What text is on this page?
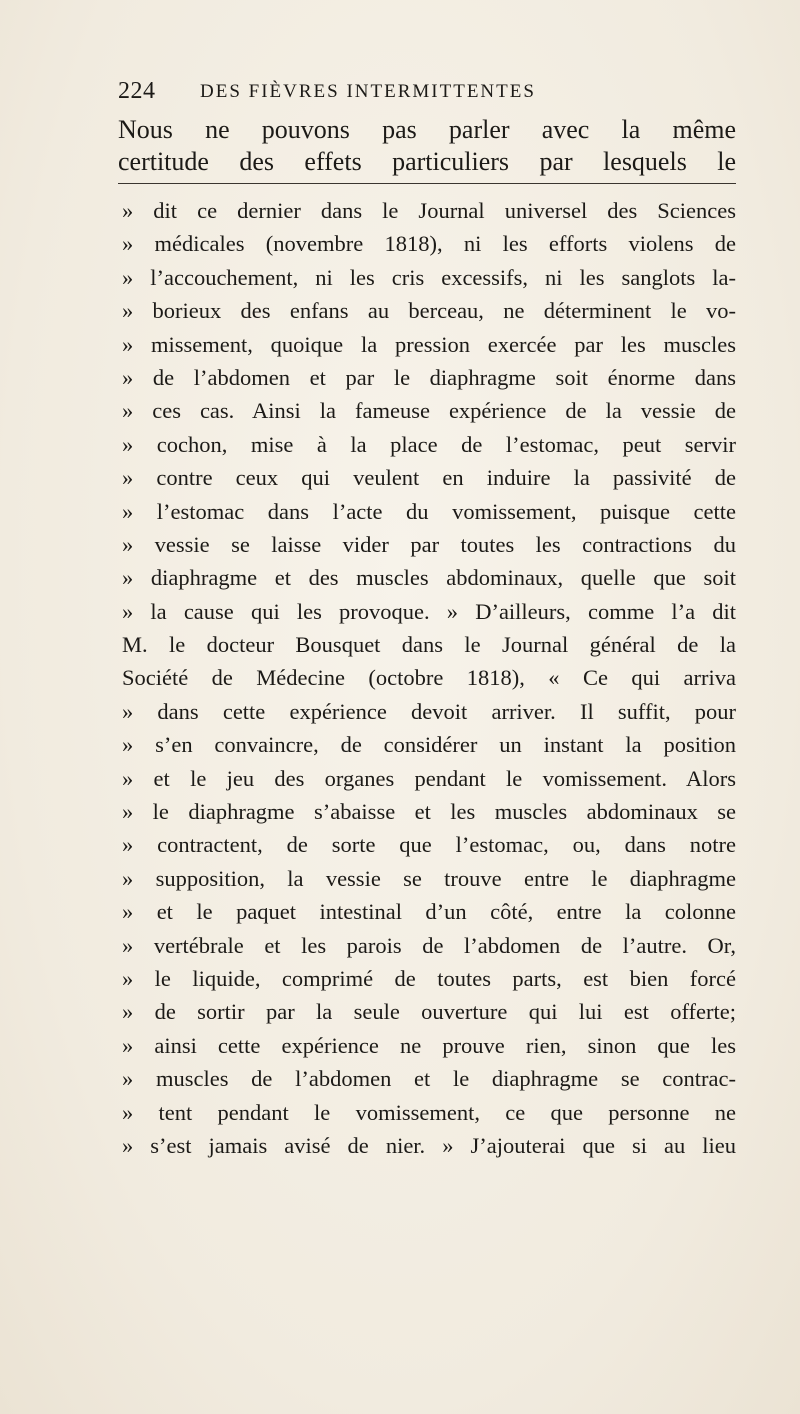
224 DES FIÈVRES INTERMITTENTES
Nous ne pouvons pas parler avec la même
certitude des effets particuliers par lesquels le
» dit ce dernier dans le Journal universel des Sciences
» médicales (novembre 1818), ni les efforts violens de
» l’accouchement, ni les cris excessifs, ni les sanglots la-
» borieux des enfans au berceau, ne déterminent le vo-
» missement, quoique la pression exercée par les muscles
» de l’abdomen et par le diaphragme soit énorme dans
» ces cas. Ainsi la fameuse expérience de la vessie de
» cochon, mise à la place de l’estomac, peut servir
» contre ceux qui veulent en induire la passivité de
» l’estomac dans l’acte du vomissement, puisque cette
» vessie se laisse vider par toutes les contractions du
» diaphragme et des muscles abdominaux, quelle que soit
» la cause qui les provoque. » D’ailleurs, comme l’a dit
M. le docteur Bousquet dans le Journal général de la
Société de Médecine (octobre 1818), « Ce qui arriva
» dans cette expérience devoit arriver. Il suffit, pour
» s’en convaincre, de considérer un instant la position
» et le jeu des organes pendant le vomissement. Alors
» le diaphragme s’abaisse et les muscles abdominaux se
» contractent, de sorte que l’estomac, ou, dans notre
» supposition, la vessie se trouve entre le diaphragme
» et le paquet intestinal d’un côté, entre la colonne
» vertébrale et les parois de l’abdomen de l’autre. Or,
» le liquide, comprimé de toutes parts, est bien forcé
» de sortir par la seule ouverture qui lui est offerte;
» ainsi cette expérience ne prouve rien, sinon que les
» muscles de l’abdomen et le diaphragme se contrac-
» tent pendant le vomissement, ce que personne ne
» s’est jamais avisé de nier. » J’ajouterai que si au lieu
